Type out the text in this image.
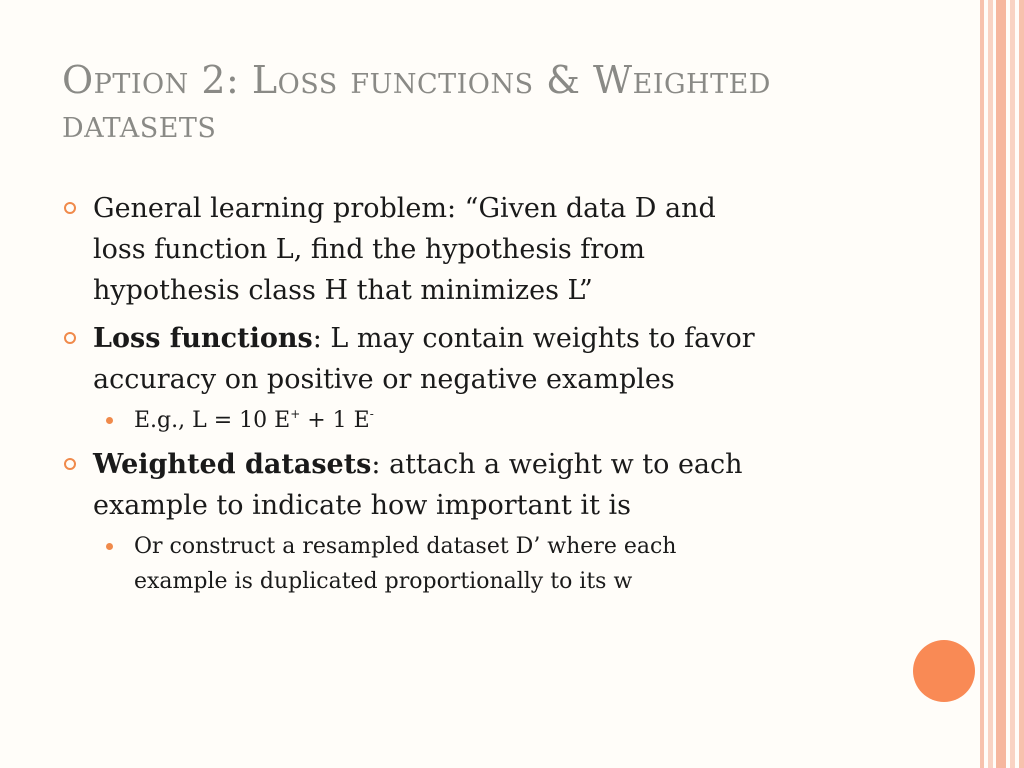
Option 2: Loss functions & Weighted
datasets
General learning problem: “Given data D and
loss function L, find the hypothesis from
hypothesis class H that minimizes L”
Loss functions: L may contain weights to favor
accuracy on positive or negative examples
E.g., L = 10 E+ + 1 E-
Weighted datasets: attach a weight w to each
example to indicate how important it is
Or construct a resampled dataset D’ where each
example is duplicated proportionally to its w
